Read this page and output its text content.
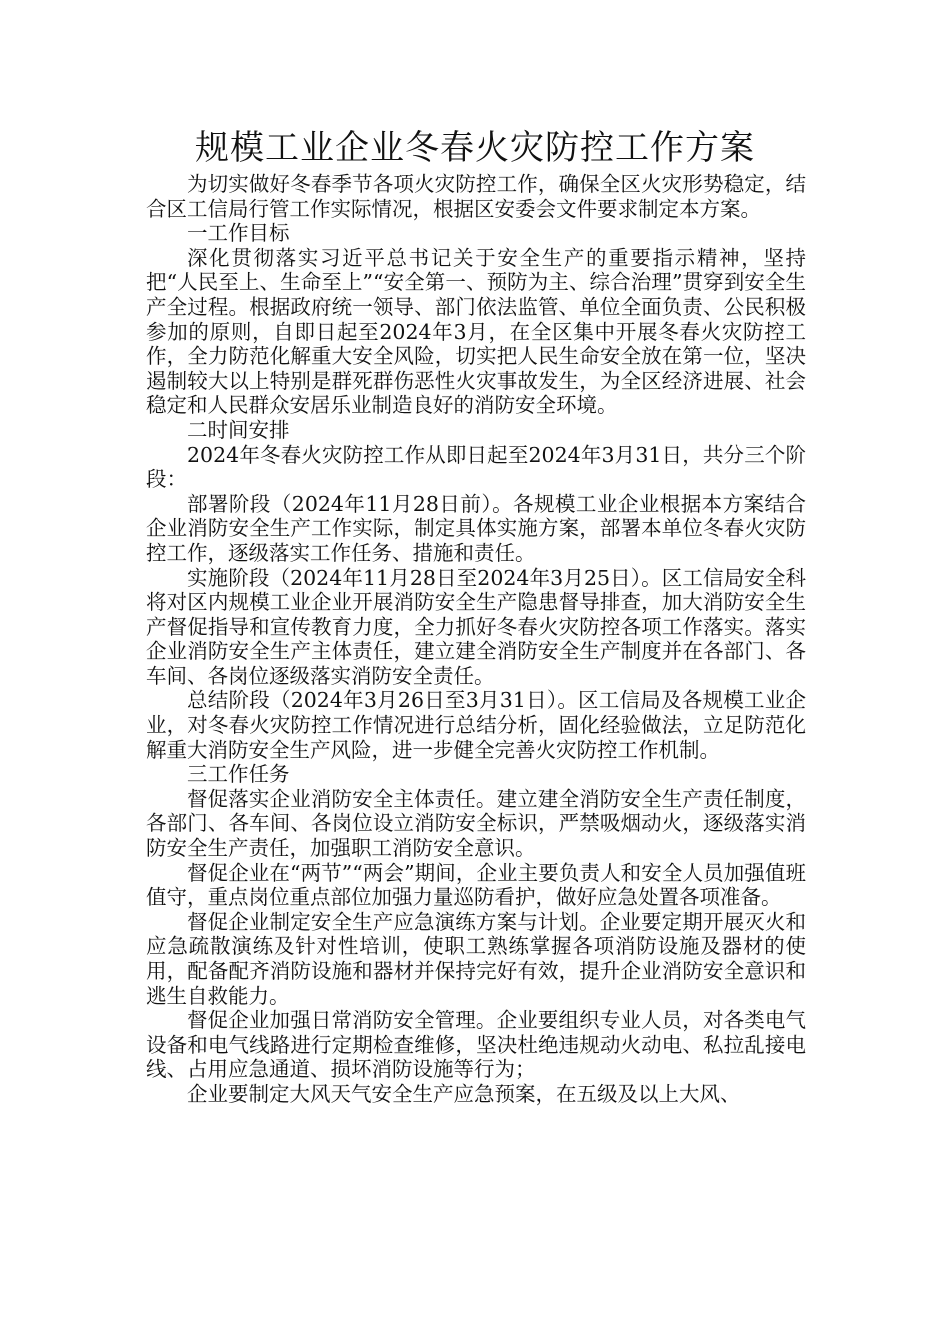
规模工业企业冬春火灾防控工作方案

为切实做好冬春季节各项火灾防控工作，确保全区火灾形势稳定，结合区工信局行管工作实际情况，根据区安委会文件要求制定本方案。

一工作目标

深化贯彻落实习近平总书记关于安全生产的重要指示精神，坚持把“人民至上、生命至上”“安全第一、预防为主、综合治理”贯穿到安全生产全过程。根据政府统一领导、部门依法监管、单位全面负责、公民积极参加的原则，自即日起至2024年3月，在全区集中开展冬春火灾防控工作，全力防范化解重大安全风险，切实把人民生命安全放在第一位，坚决遏制较大以上特别是群死群伤恶性火灾事故发生，为全区经济进展、社会稳定和人民群众安居乐业制造良好的消防安全环境。

二时间安排

2024年冬春火灾防控工作从即日起至2024年3月31日，共分三个阶段：

部署阶段（2024年11月28日前）。各规模工业企业根据本方案结合企业消防安全生产工作实际，制定具体实施方案，部署本单位冬春火灾防控工作，逐级落实工作任务、措施和责任。

实施阶段（2024年11月28日至2024年3月25日）。区工信局安全科将对区内规模工业企业开展消防安全生产隐患督导排查，加大消防安全生产督促指导和宣传教育力度，全力抓好冬春火灾防控各项工作落实。落实企业消防安全生产主体责任，建立建全消防安全生产制度并在各部门、各车间、各岗位逐级落实消防安全责任。

总结阶段（2024年3月26日至3月31日）。区工信局及各规模工业企业，对冬春火灾防控工作情况进行总结分析，固化经验做法，立足防范化解重大消防安全生产风险，进一步健全完善火灾防控工作机制。

三工作任务

督促落实企业消防安全主体责任。建立建全消防安全生产责任制度，各部门、各车间、各岗位设立消防安全标识，严禁吸烟动火，逐级落实消防安全生产责任，加强职工消防安全意识。

督促企业在“两节”“两会”期间，企业主要负责人和安全人员加强值班值守，重点岗位重点部位加强力量巡防看护，做好应急处置各项准备。

督促企业制定安全生产应急演练方案与计划。企业要定期开展灭火和应急疏散演练及针对性培训，使职工熟练掌握各项消防设施及器材的使用，配备配齐消防设施和器材并保持完好有效，提升企业消防安全意识和逃生自救能力。

督促企业加强日常消防安全管理。企业要组织专业人员，对各类电气设备和电气线路进行定期检查维修，坚决杜绝违规动火动电、私拉乱接电线、占用应急通道、损坏消防设施等行为；

企业要制定大风天气安全生产应急预案，在五级及以上大风、
